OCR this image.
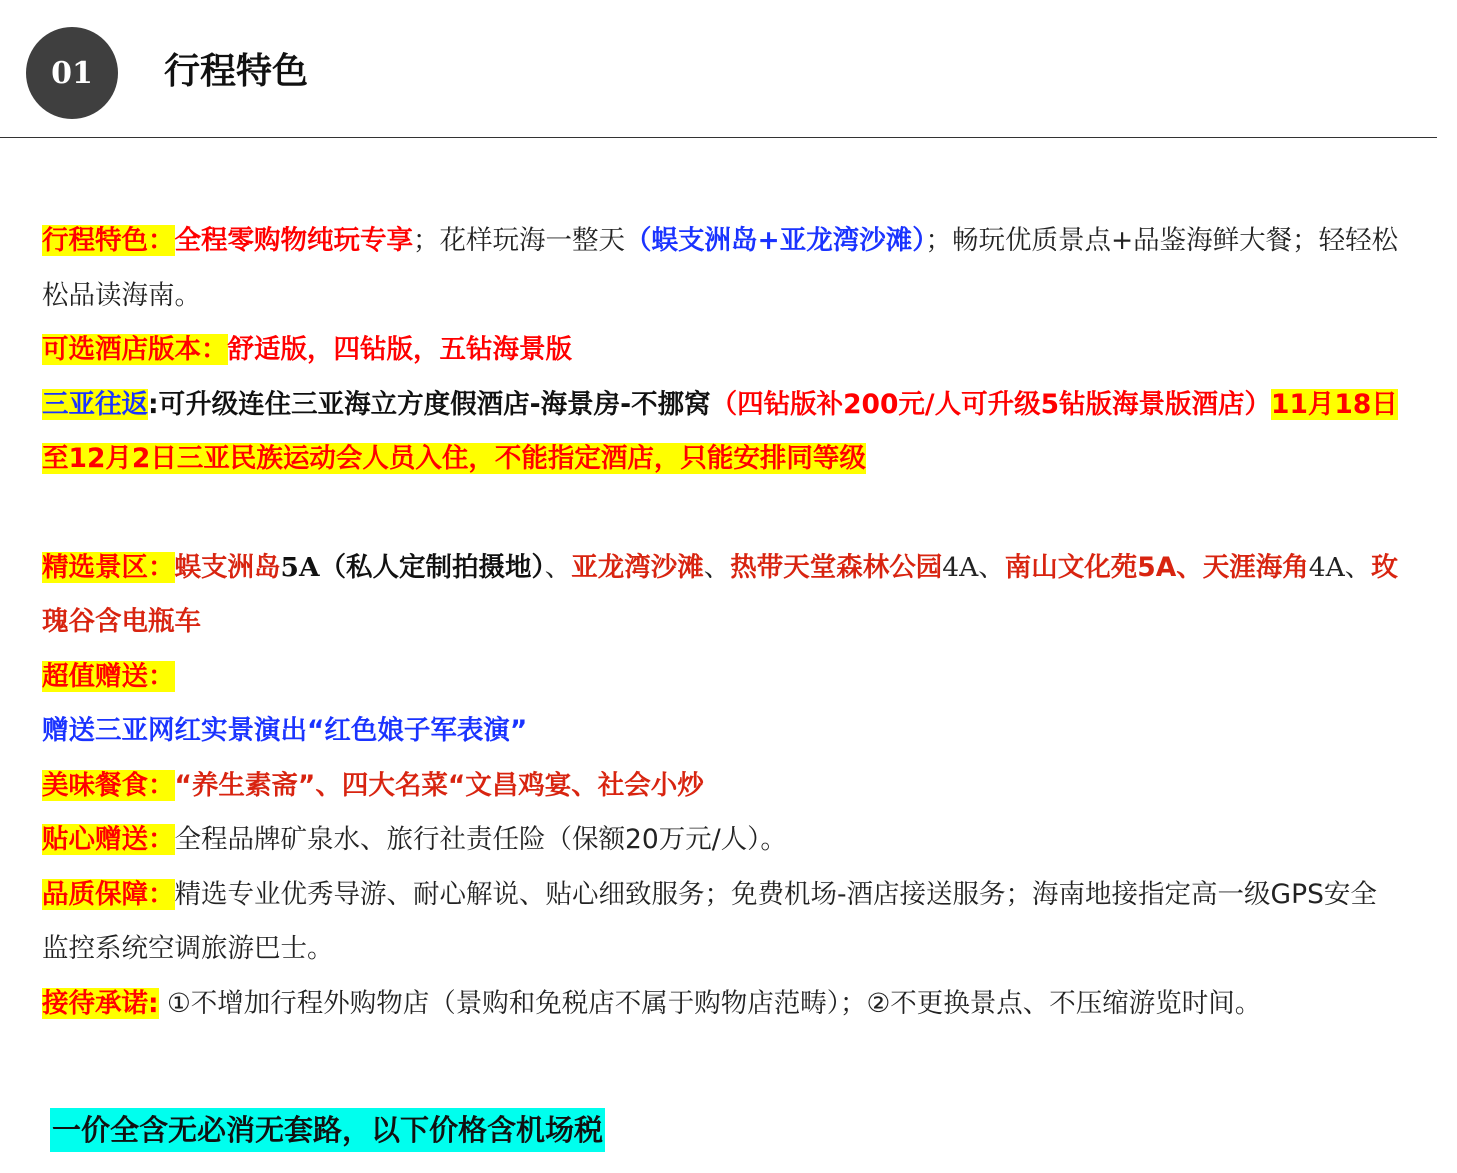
01	行程特色

行程特色：全程零购物纯玩专享；花样玩海一整天（蜈支洲岛+亚龙湾沙滩）；畅玩优质景点+品鉴海鲜大餐；轻轻松松品读海南。

可选酒店版本：舒适版，四钻版，五钻海景版

三亚往返:可升级连住三亚海立方度假酒店-海景房-不挪窝（四钻版补200元/人可升级5钻版海景版酒店）11月18日至12月2日三亚民族运动会人员入住，不能指定酒店，只能安排同等级

精选景区：蜈支洲岛5A（私人定制拍摄地）、亚龙湾沙滩、热带天堂森林公园4A、南山文化苑5A、天涯海角4A、玫瑰谷含电瓶车

超值赠送：

赠送三亚网红实景演出“红色娘子军表演”

美味餐食：“养生素斋”、四大名菜“文昌鸡宴、社会小炒

贴心赠送：全程品牌矿泉水、旅行社责任险（保额20万元/人）。

品质保障：精选专业优秀导游、耐心解说、贴心细致服务；免费机场-酒店接送服务；海南地接指定高一级GPS安全监控系统空调旅游巴士。

接待承诺: ①不增加行程外购物店（景购和免税店不属于购物店范畴）；②不更换景点、不压缩游览时间。

一价全含无必消无套路，以下价格含机场税
